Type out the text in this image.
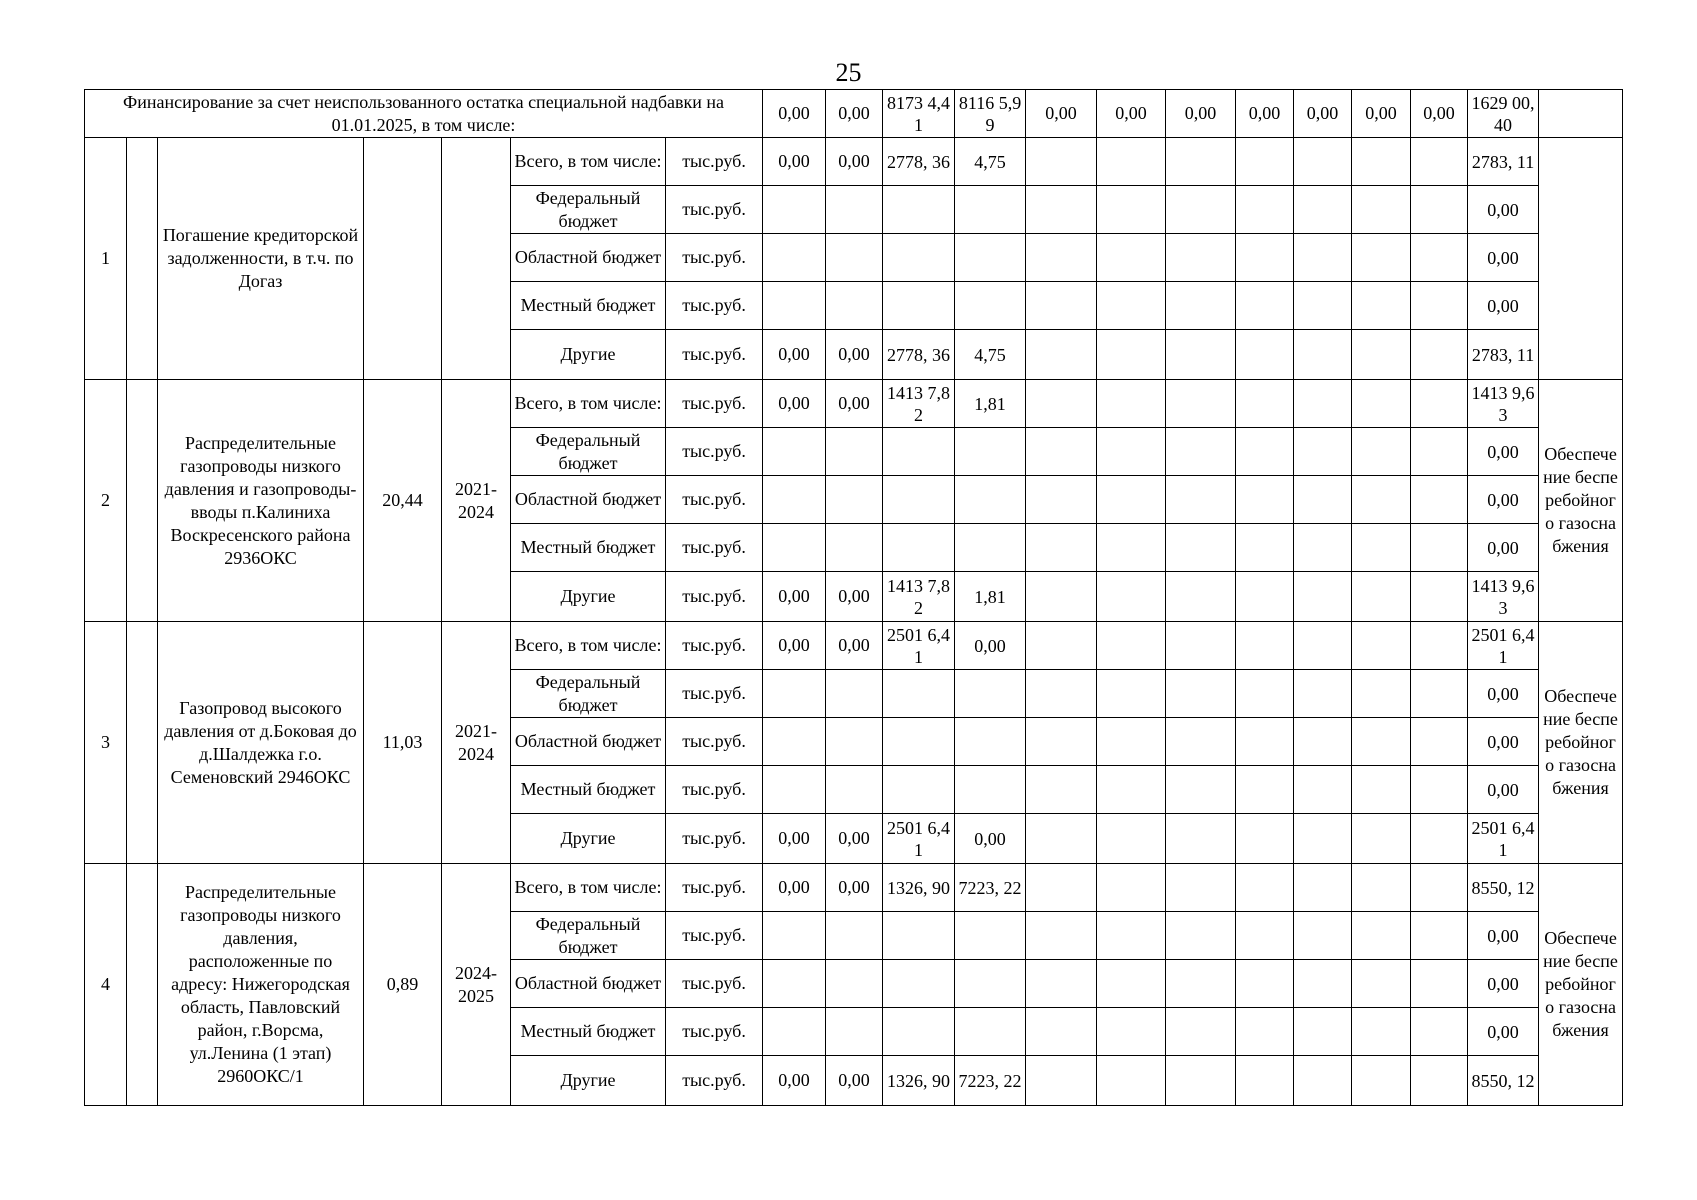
25
Финансирование за счет неиспользованного остатка специальной надбавки на 01.01.2025, в том числе:							0,00	0,00	8173 4,41	8116 5,99	0,00	0,00	0,00	0,00	0,00	0,00	0,00	1629 00,40	
1		Погашение кредиторской задолженности, в т.ч. по Догаз			Всего, в том числе:	тыс.руб.	0,00	0,00	2778, 36	4,75								2783, 11	
					Федеральный бюджет	тыс.руб.												0,00	
					Областной бюджет	тыс.руб.												0,00	
					Местный бюджет	тыс.руб.												0,00	
					Другие	тыс.руб.	0,00	0,00	2778, 36	4,75								2783, 11	
2		Распределительные газопроводы низкого давления и газопроводы-вводы п.Калиниха Воскресенского района 2936ОКС	20,44	2021-2024	Всего, в том числе:	тыс.руб.	0,00	0,00	1413 7,82	1,81								1413 9,63	Обеспечение бесперебойного газоснабжения
					Федеральный бюджет	тыс.руб.												0,00	
					Областной бюджет	тыс.руб.												0,00	
					Местный бюджет	тыс.руб.												0,00	
					Другие	тыс.руб.	0,00	0,00	1413 7,82	1,81								1413 9,63	
3		Газопровод высокого давления от д.Боковая до д.Шалдежка г.о. Семеновский 2946ОКС	11,03	2021-2024	Всего, в том числе:	тыс.руб.	0,00	0,00	2501 6,41	0,00								2501 6,41	Обеспечение бесперебойного газоснабжения
					Федеральный бюджет	тыс.руб.												0,00	
					Областной бюджет	тыс.руб.												0,00	
					Местный бюджет	тыс.руб.												0,00	
					Другие	тыс.руб.	0,00	0,00	2501 6,41	0,00								2501 6,41	
4		Распределительные газопроводы низкого давления, расположенные по адресу: Нижегородская область, Павловский район, г.Ворсма, ул.Ленина (1 этап) 2960ОКС/1	0,89	2024-2025	Всего, в том числе:	тыс.руб.	0,00	0,00	1326, 90	7223, 22								8550, 12	Обеспечение бесперебойного газоснабжения
					Федеральный бюджет	тыс.руб.												0,00	
					Областной бюджет	тыс.руб.												0,00	
					Местный бюджет	тыс.руб.												0,00	
					Другие	тыс.руб.	0,00	0,00	1326, 90	7223, 22								8550, 12	
